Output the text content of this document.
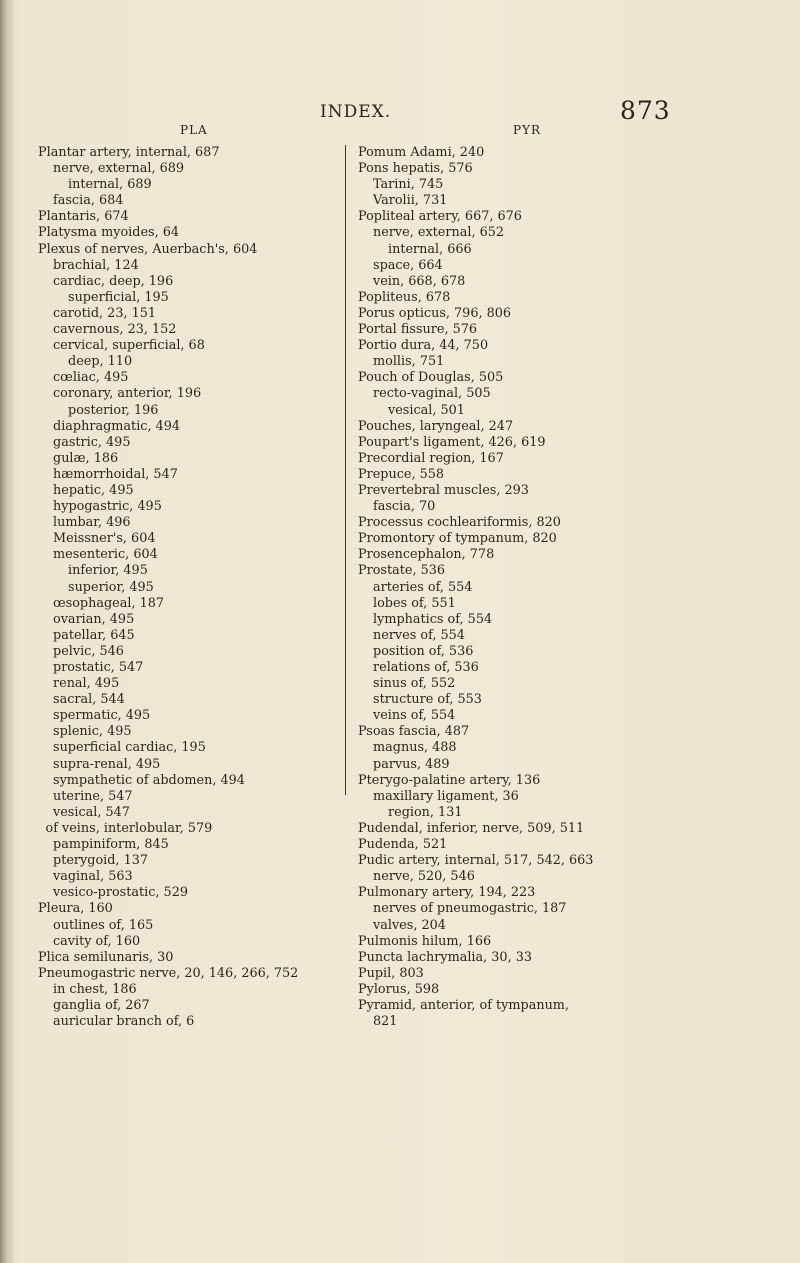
INDEX.	873
PLA	PYR
Plantar artery, internal, 687
nerve, external, 689
internal, 689
fascia, 684
Plantaris, 674
Platysma myoides, 64
Plexus of nerves, Auerbach's, 604
brachial, 124
cardiac, deep, 196
superficial, 195
carotid, 23, 151
cavernous, 23, 152
cervical, superficial, 68
deep, 110
cœliac, 495
coronary, anterior, 196
posterior, 196
diaphragmatic, 494
gastric, 495
gulæ, 186
hæmorrhoidal, 547
hepatic, 495
hypogastric, 495
lumbar, 496
Meissner's, 604
mesenteric, 604
inferior, 495
superior, 495
œsophageal, 187
ovarian, 495
patellar, 645
pelvic, 546
prostatic, 547
renal, 495
sacral, 544
spermatic, 495
splenic, 495
superficial cardiac, 195
supra-renal, 495
sympathetic of abdomen, 494
uterine, 547
vesical, 547
of veins, interlobular, 579
pampiniform, 845
pterygoid, 137
vaginal, 563
vesico-prostatic, 529
Pleura, 160
outlines of, 165
cavity of, 160
Plica semilunaris, 30
Pneumogastric nerve, 20, 146, 266, 752
in chest, 186
ganglia of, 267
auricular branch of, 6
Pomum Adami, 240
Pons hepatis, 576
Tarini, 745
Varolii, 731
Popliteal artery, 667, 676
nerve, external, 652
internal, 666
space, 664
vein, 668, 678
Popliteus, 678
Porus opticus, 796, 806
Portal fissure, 576
Portio dura, 44, 750
mollis, 751
Pouch of Douglas, 505
recto-vaginal, 505
vesical, 501
Pouches, laryngeal, 247
Poupart's ligament, 426, 619
Precordial region, 167
Prepuce, 558
Prevertebral muscles, 293
fascia, 70
Processus cochleariformis, 820
Promontory of tympanum, 820
Prosencephalon, 778
Prostate, 536
arteries of, 554
lobes of, 551
lymphatics of, 554
nerves of, 554
position of, 536
relations of, 536
sinus of, 552
structure of, 553
veins of, 554
Psoas fascia, 487
magnus, 488
parvus, 489
Pterygo-palatine artery, 136
maxillary ligament, 36
region, 131
Pudendal, inferior, nerve, 509, 511
Pudenda, 521
Pudic artery, internal, 517, 542, 663
nerve, 520, 546
Pulmonary artery, 194, 223
nerves of pneumogastric, 187
valves, 204
Pulmonis hilum, 166
Puncta lachrymalia, 30, 33
Pupil, 803
Pylorus, 598
Pyramid, anterior, of tympanum,
821
